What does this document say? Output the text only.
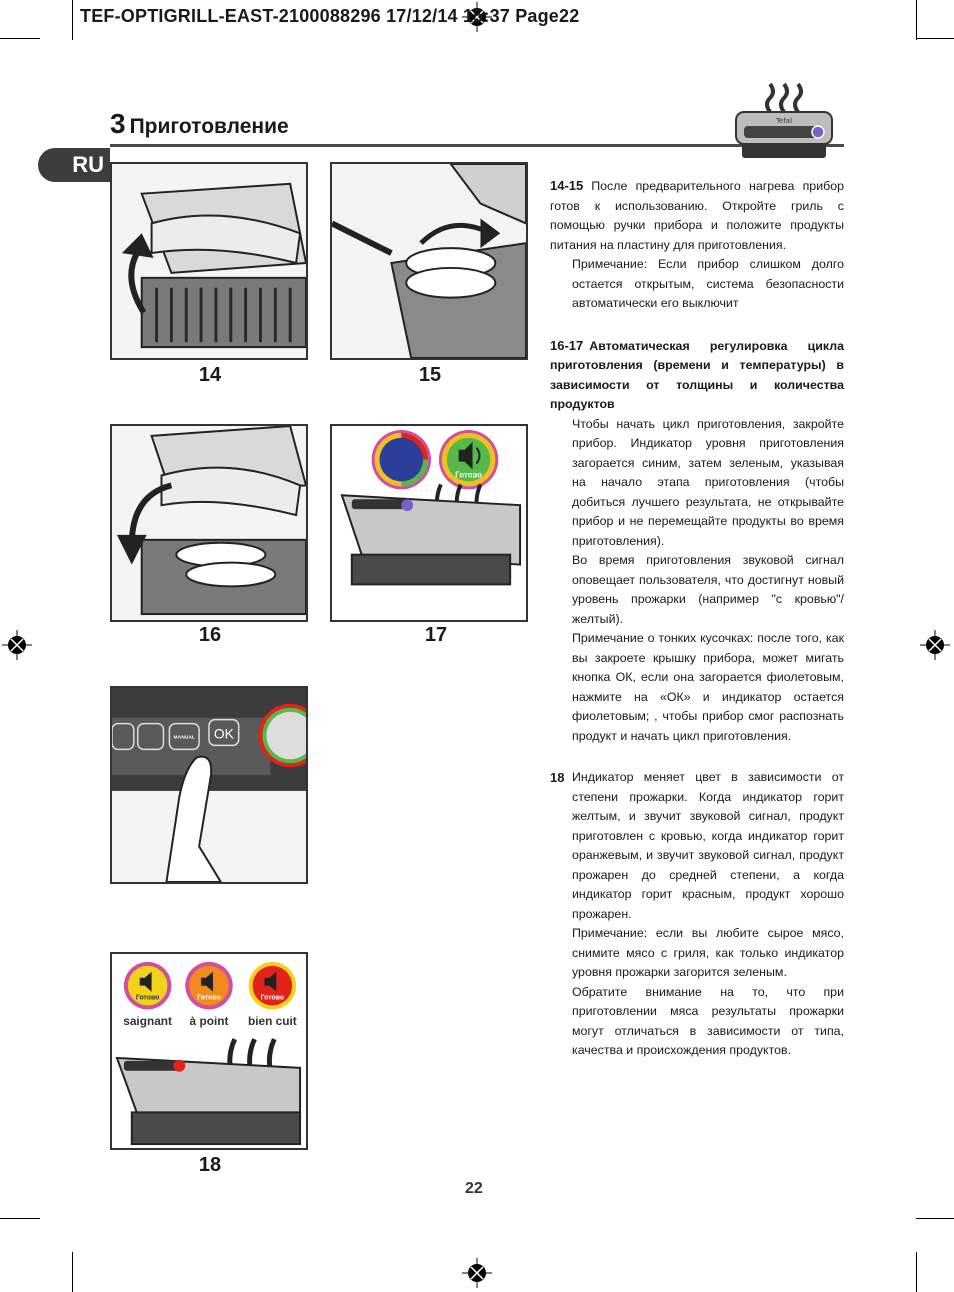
TEF-OPTIGRILL-EAST-2100088296 17/12/14 15:37 Page22
3 Приготовление
RU
Tefal
14	15
16
Готово
17
MANUAL OK
Готово	Готово	Готово
saignant à point bien cuit
18

14-15 После предварительного нагрева прибор готов к использованию. Откройте гриль с помощью ручки прибора и положите продукты питания на пластину для приготовления.

Примечание: Если прибор слишком долго остается открытым, система безопасности автоматически его выключит

16-17 Автоматическая регулировка цикла приготовления (времени и температуры) в зависимости от толщины и количества продуктов

Чтобы начать цикл приготовления, закройте прибор. Индикатор уровня приготовления загорается синим, затем зеленым, указывая на начало этапа приготовления (чтобы добиться лучшего результата, не открывайте прибор и не перемещайте продукты во время приготовления).

Во время приготовления звуковой сигнал оповещает пользователя, что достигнут новый уровень прожарки (например "с кровью"/желтый).

Примечание о тонких кусочках: после того, как вы закроете крышку прибора, может мигать кнопка ОК, если она загорается фиолетовым, нажмите на «ОК» и индикатор остается фиолетовым; , чтобы прибор смог распознать продукт и начать цикл приготовления.

18 Индикатор меняет цвет в зависимости от степени прожарки. Когда индикатор горит желтым, и звучит звуковой сигнал, продукт приготовлен с кровью, когда индикатор горит оранжевым, и звучит звуковой сигнал, продукт прожарен до средней степени, а когда индикатор горит красным, продукт хорошо прожарен.

Примечание: если вы любите сырое мясо, снимите мясо с гриля, как только индикатор уровня прожарки загорится зеленым.

Обратите внимание на то, что при приготовлении мяса результаты прожарки могут отличаться в зависимости от типа, качества и происхождения продуктов.

22
